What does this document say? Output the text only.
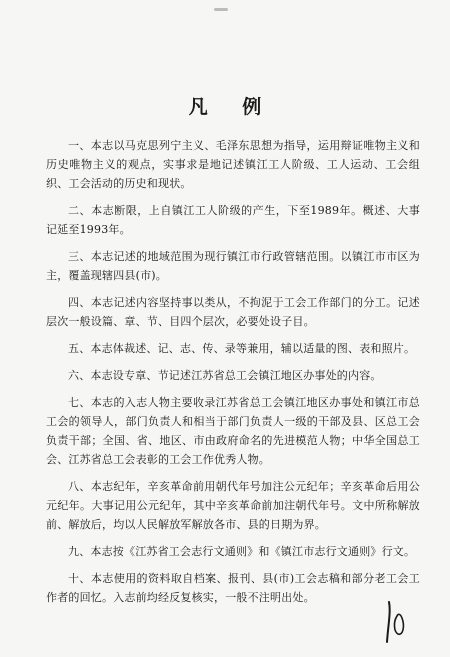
凡 例

一、本志以马克思列宁主义、毛泽东思想为指导，运用辩证唯物主义和历史唯物主义的观点，实事求是地记述镇江工人阶级、工人运动、工会组织、工会活动的历史和现状。

二、本志断限，上自镇江工人阶级的产生，下至1989年。概述、大事记延至1993年。

三、本志记述的地域范围为现行镇江市行政管辖范围。以镇江市市区为主，覆盖现辖四县(市)。

四、本志记述内容坚持事以类从，不拘泥于工会工作部门的分工。记述层次一般设篇、章、节、目四个层次，必要处设子目。

五、本志体裁述、记、志、传、录等兼用，辅以适量的图、表和照片。

六、本志设专章、节记述江苏省总工会镇江地区办事处的内容。

七、本志的入志人物主要收录江苏省总工会镇江地区办事处和镇江市总工会的领导人，部门负责人和相当于部门负责人一级的干部及县、区总工会负责干部；全国、省、地区、市由政府命名的先进模范人物；中华全国总工会、江苏省总工会表彰的工会工作优秀人物。

八、本志纪年，辛亥革命前用朝代年号加注公元纪年；辛亥革命后用公元纪年。大事记用公元纪年，其中辛亥革命前加注朝代年号。文中所称解放前、解放后，均以人民解放军解放各市、县的日期为界。

九、本志按《江苏省工会志行文通则》和《镇江市志行文通则》行文。

十、本志使用的资料取自档案、报刊、县(市)工会志稿和部分老工会工作者的回忆。入志前均经反复核实，一般不注明出处。
